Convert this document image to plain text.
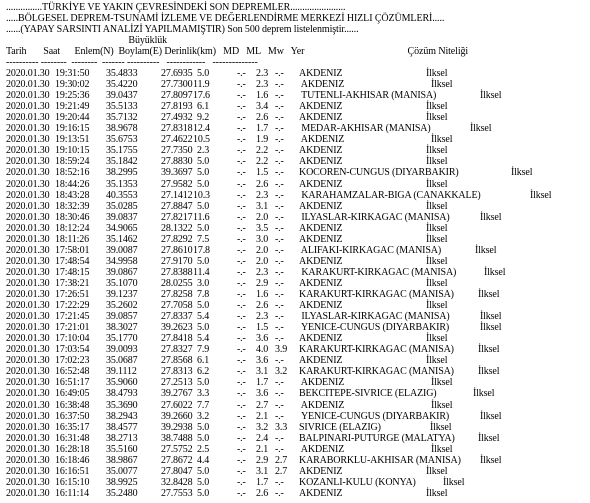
...............TÜRKİYE VE YAKIN ÇEVRESİNDEKİ SON DEPREMLER.......................
.....BÖLGESEL DEPREM-TSUNAMİ İZLEME VE DEĞERLENDİRME MERKEZİ HIZLI ÇÖZÜMLERİ.....
......(YAPAY SARSINTI ANALİZİ YAPILMAMIŞTIR) Son 500 deprem listelenmiştir......
Büyüklük
Tarih       Saat      Enlem(N)  Boylam(E) Derinlik(km)   MD   ML   Mw   Yer                                           Çözüm Niteliği
---------- --------  --------  ------- ----------   ------------   --------------
2020.01.30 19:31:50 35.4833 27.6935 5.0	-.- 2.3 -.- AKDENIZ	İlksel
2020.01.30 19:30:02 35.4220 27.7300 11.9	-.- 2.3 -.- AKDENIZ	İlksel
2020.01.30 19:25:36 39.0437 27.8097 17.6	-.- 1.6 -.- TUTENLI-AKHISAR (MANISA)	İlksel
2020.01.30 19:21:49 35.5133 27.8193 6.1	-.- 3.4 -.- AKDENIZ	İlksel
2020.01.30 19:20:44 35.7132 27.4932 9.2	-.- 2.6 -.- AKDENIZ	İlksel
2020.01.30 19:16:15 38.9678 27.8318 12.4	-.- 1.7 -.- MEDAR-AKHISAR (MANISA)	İlksel
2020.01.30 19:13:51 35.6753 27.4622 10.5	-.- 1.9 -.- AKDENIZ	İlksel
2020.01.30 19:10:15 35.1755 27.7350 2.3	-.- 2.2 -.- AKDENIZ	İlksel
2020.01.30 18:59:24 35.1842 27.8830 5.0	-.- 2.2 -.- AKDENIZ	İlksel
2020.01.30 18:52:16 38.2995 39.3697 5.0	-.- 1.5 -.- KOCOREN-CUNGUS (DIYARBAKIR)	İlksel
2020.01.30 18:44:26 35.1353 27.9582 5.0	-.- 2.6 -.- AKDENIZ	İlksel
2020.01.30 18:43:28 40.3553 27.1412 10.3	-.- 2.3 -.- KARAHAMZALAR-BIGA (CANAKKALE)	İlksel
2020.01.30 18:32:39 35.0285 27.8847 5.0	-.- 3.1 -.- AKDENIZ	İlksel
2020.01.30 18:30:46 39.0837 27.8217 11.6	-.- 2.0 -.- ILYASLAR-KIRKAGAC (MANISA)	İlksel
2020.01.30 18:12:24 34.9065 28.1322 5.0	-.- 3.5 -.- AKDENIZ	İlksel
2020.01.30 18:11:26 35.1462 27.8292 7.5	-.- 3.0 -.- AKDENIZ	İlksel
2020.01.30 17:58:01 39.0087 27.8610 17.8	-.- 2.0 -.- ALIFAKI-KIRKAGAC (MANISA)	İlksel
2020.01.30 17:48:54 34.9958 27.9170 5.0	-.- 2.0 -.- AKDENIZ	İlksel
2020.01.30 17:48:15 39.0867 27.8388 11.4	-.- 2.3 -.- KARAKURT-KIRKAGAC (MANISA)	İlksel
2020.01.30 17:38:21 35.1070 28.0255 3.0	-.- 2.9 -.- AKDENIZ	İlksel
2020.01.30 17:26:51 39.1237 27.8258 7.8	-.- 1.6 -.- KARAKURT-KIRKAGAC (MANISA) İlksel
2020.01.30 17:22:29 35.2602 27.7058 5.0	-.- 2.6 -.- AKDENIZ	İlksel
2020.01.30 17:21:45 39.0857 27.8337 5.4	-.- 2.3 -.- ILYASLAR-KIRKAGAC (MANISA)	İlksel
2020.01.30 17:21:01 38.3027 39.2623 5.0	-.- 1.5 -.- YENICE-CUNGUS (DIYARBAKIR)	İlksel
2020.01.30 17:10:04 35.1770 27.8418 5.4	-.- 3.6 -.- AKDENIZ	İlksel
2020.01.30 17:03:54 39.0093 27.8327 7.9	-.- 4.0 3.9 KARAKURT-KIRKAGAC (MANISA) İlksel
2020.01.30 17:02:23 35.0687 27.8568 6.1	-.- 3.6 -.- AKDENIZ	İlksel
2020.01.30 16:52:48 39.1112 27.8313 6.2	-.- 3.1 3.2 KARAKURT-KIRKAGAC (MANISA) İlksel
2020.01.30 16:51:17 35.9060 27.2513 5.0	-.- 1.7 -.- AKDENIZ	İlksel
2020.01.30 16:49:05 38.4793 39.2767 3.3	-.- 3.6 -.- BEKCITEPE-SIVRICE (ELAZIG)	İlksel
2020.01.30 16:38:48 35.3690 27.6022 7.7	-.- 2.7 -.- AKDENIZ	İlksel
2020.01.30 16:37:50 38.2943 39.2660 3.2	-.- 2.1 -.- YENICE-CUNGUS (DIYARBAKIR)	İlksel
2020.01.30 16:35:17 38.4577 39.2938 5.0	-.- 3.2 3.3 SIVRICE (ELAZIG)	İlksel
2020.01.30 16:31:48 38.2713 38.7488 5.0	-.- 2.4 -.- BALPINARI-PUTURGE (MALATYA) İlksel
2020.01.30 16:28:18 35.5160 27.5752 2.5	-.- 2.1 -.- AKDENIZ	İlksel
2020.01.30 16:18:46 38.9867 27.8672 4.4	-.- 2.9 2.7 KARABORKLU-AKHISAR (MANISA) İlksel
2020.01.30 16:16:51 35.0077 27.8047 5.0	-.- 3.1 2.7 AKDENIZ	İlksel
2020.01.30 16:15:10 38.9925 32.8428 5.0	-.- 1.7 -.- KOZANLI-KULU (KONYA)	İlksel
2020.01.30 16:11:14 35.2480 27.7553 5.0	-.- 2.6 -.- AKDENIZ	İlksel
